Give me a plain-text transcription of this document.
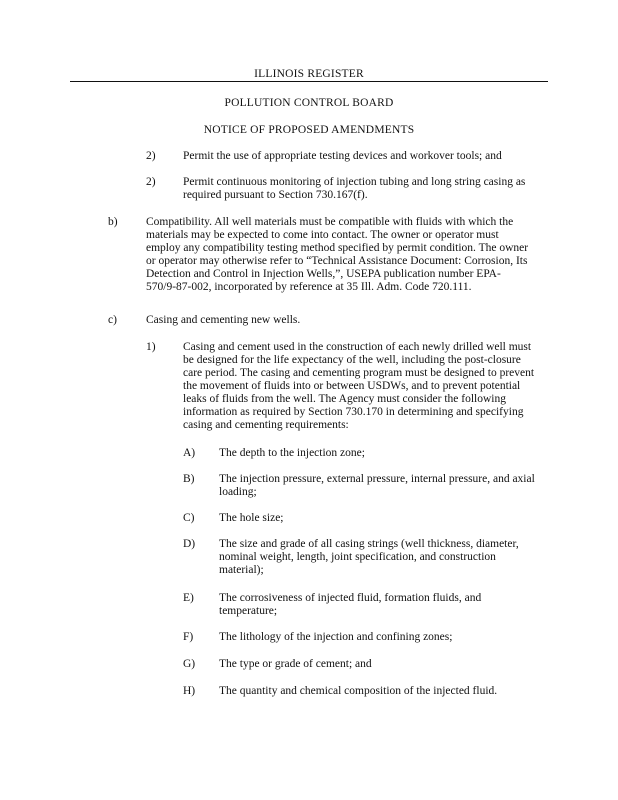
ILLINOIS REGISTER
POLLUTION CONTROL BOARD
NOTICE OF PROPOSED AMENDMENTS
2) Permit the use of appropriate testing devices and workover tools; and
2) Permit continuous monitoring of injection tubing and long string casing as
required pursuant to Section 730.167(f).
b) Compatibility. All well materials must be compatible with fluids with which the
materials may be expected to come into contact. The owner or operator must
employ any compatibility testing method specified by permit condition. The owner
or operator may otherwise refer to “Technical Assistance Document: Corrosion, Its
Detection and Control in Injection Wells,”, USEPA publication number EPA-
570/9-87-002, incorporated by reference at 35 Ill. Adm. Code 720.111.
c)	Casing and cementing new wells.
1) Casing and cement used in the construction of each newly drilled well must
be designed for the life expectancy of the well, including the post-closure
care period. The casing and cementing program must be designed to prevent
the movement of fluids into or between USDWs, and to prevent potential
leaks of fluids from the well. The Agency must consider the following
information as required by Section 730.170 in determining and specifying
casing and cementing requirements:
A) The depth to the injection zone;
B) The injection pressure, external pressure, internal pressure, and axial
loading;
C) The hole size;
D) The size and grade of all casing strings (well thickness, diameter,
nominal weight, length, joint specification, and construction
material);
E) The corrosiveness of injected fluid, formation fluids, and
temperature;
F) The lithology of the injection and confining zones;
G) The type or grade of cement; and
H) The quantity and chemical composition of the injected fluid.
